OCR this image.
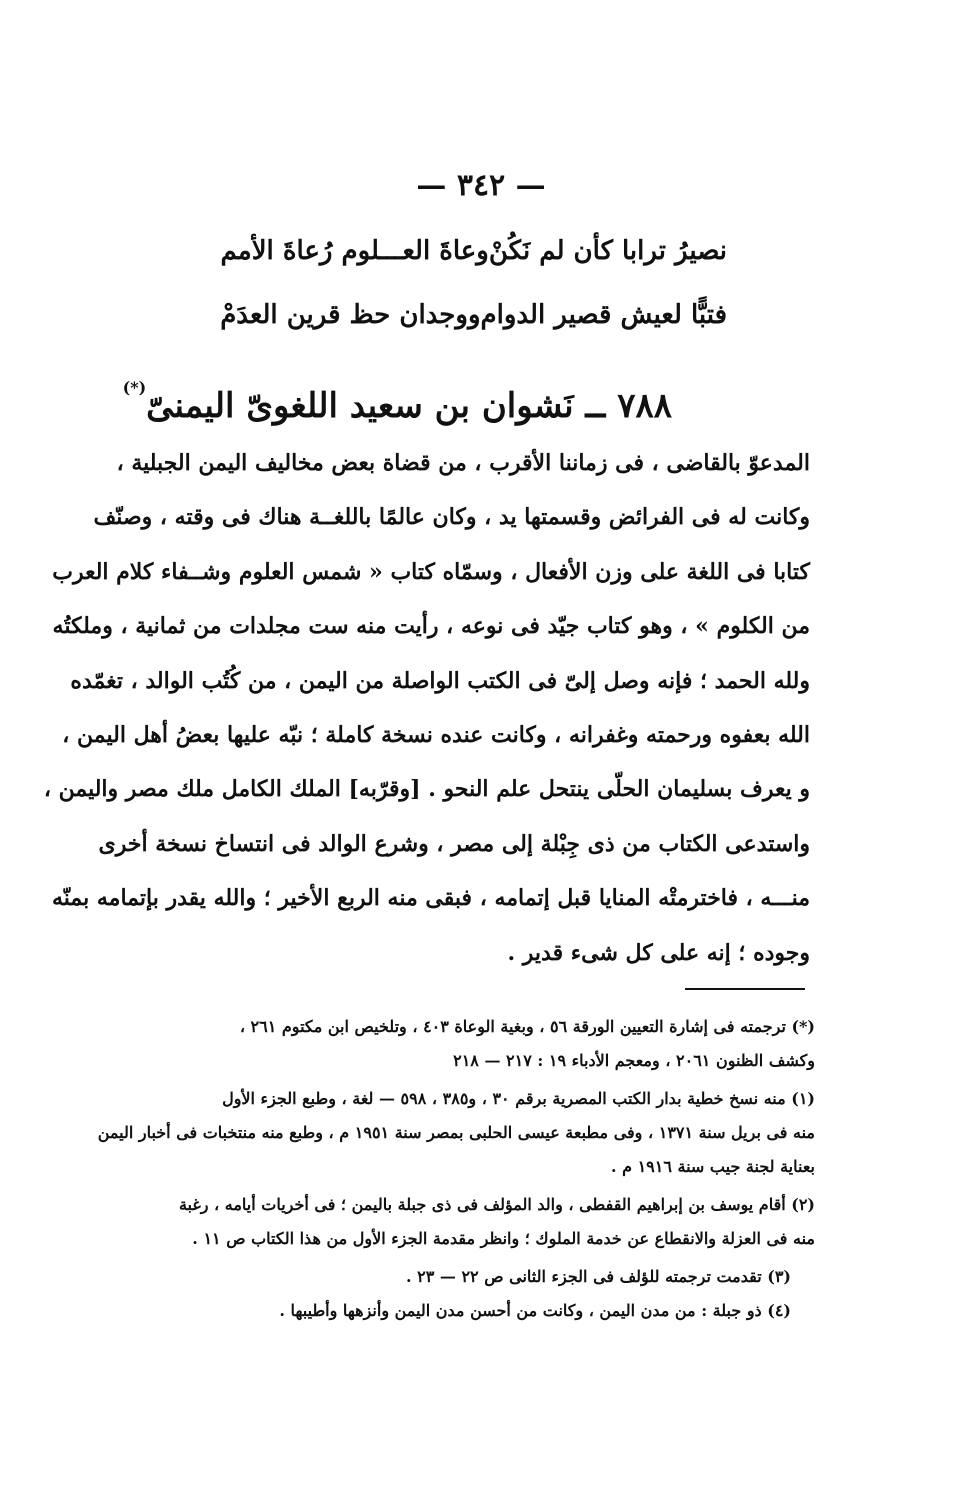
— ٣٤٢ —
نصيرُ ترابا كأن لم نَكُنْ
وعاةَ العـــلوم رُعاةَ الأمم
فتبًّا لعيش قصير الدوام
ووجدان حظ قرين العدَمْ
٧٨٨ ــ نَشوان بن سعيد اللغوىّ اليمنىّ(*)
المدعوّ بالقاضى ، فى زماننا الأقرب ، من قضاة بعض مخاليف اليمن الجبلية ،
وكانت له فى الفرائض وقسمتها يد ، وكان عالمًا باللغــة هناك فى وقته ، وصنّف
كتابا فى اللغة على وزن الأفعال ، وسمّاه كتاب « شمس العلوم وشــفاء كلام العرب
من الكلوم » ، وهو كتاب جيّد فى نوعه ، رأيت منه ست مجلدات من ثمانية ، وملكتُه
ولله الحمد ؛ فإنه وصل إلىّ فى الكتب الواصلة من اليمن ، من كُتُب الوالد ، تغمّده
الله بعفوه ورحمته وغفرانه ، وكانت عنده نسخة كاملة ؛ نبّه عليها بعضُ أهل اليمن ،
و يعرف بسليمان الحلّى ينتحل علم النحو . [وقرّبه] الملك الكامل ملك مصر واليمن ،
واستدعى الكتاب من ذى جِبْلة إلى مصر ، وشرع الوالد فى انتساخ نسخة أخرى
منـــه ، فاخترمتْه المنايا قبل إتمامه ، فبقى منه الربع الأخير ؛ والله يقدر بإتمامه بمنّه
وجوده ؛ إنه على كل شىء قدير .
(*) ترجمته فى إشارة التعيين الورقة ٥٦ ، وبغية الوعاة ٤٠٣ ، وتلخيص ابن مكتوم ٢٦١ ،
وكشف الظنون ٢٠٦١ ، ومعجم الأدباء ١٩ : ٢١٧ — ٢١٨
(١) منه نسخ خطية بدار الكتب المصرية برقم ٣٠ ، و٣٨٥ ، ٥٩٨ — لغة ، وطبع الجزء الأول
منه فى بريل سنة ١٣٧١ ، وفى مطبعة عيسى الحلبى بمصر سنة ١٩٥١ م ، وطبع منه منتخبات فى أخبار اليمن
بعناية لجنة جيب سنة ١٩١٦ م .
(٢) أقام يوسف بن إبراهيم القفطى ، والد المؤلف فى ذى جبلة باليمن ؛ فى أخريات أيامه ، رغبة
منه فى العزلة والانقطاع عن خدمة الملوك ؛ وانظر مقدمة الجزء الأول من هذا الكتاب ص ١١ .
(٣) تقدمت ترجمته للؤلف فى الجزء الثانى ص ٢٢ — ٢٣ .
(٤) ذو جبلة : من مدن اليمن ، وكانت من أحسن مدن اليمن وأنزهها وأطيبها .
